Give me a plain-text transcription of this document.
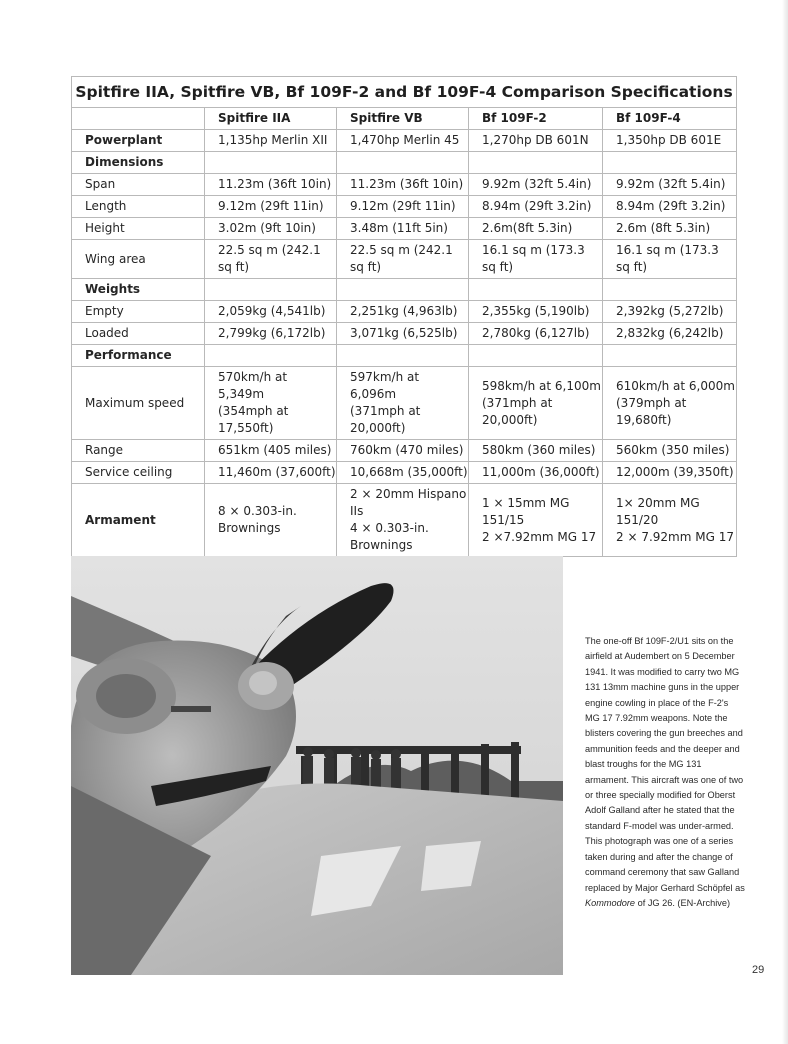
Spitfire IIA, Spitfire VB, Bf 109F-2 and Bf 109F-4 Comparison Specifications				
	Spitfire IIA	Spitfire VB	Bf 109F-2	Bf 109F-4
Powerplant	1,135hp Merlin XII	1,470hp Merlin 45	1,270hp DB 601N	1,350hp DB 601E
Dimensions				
Span	11.23m (36ft 10in)	11.23m (36ft 10in)	9.92m (32ft 5.4in)	9.92m (32ft 5.4in)
Length	9.12m (29ft 11in)	9.12m (29ft 11in)	8.94m (29ft 3.2in)	8.94m (29ft 3.2in)
Height	3.02m (9ft 10in)	3.48m (11ft 5in)	2.6m(8ft 5.3in)	2.6m (8ft 5.3in)
Wing area	22.5 sq m (242.1
sq ft)	22.5 sq m (242.1
sq ft)	16.1 sq m (173.3
sq ft)	16.1 sq m (173.3
sq ft)
Weights				
Empty	2,059kg (4,541lb)	2,251kg (4,963lb)	2,355kg (5,190lb)	2,392kg (5,272lb)
Loaded	2,799kg (6,172lb)	3,071kg (6,525lb)	2,780kg (6,127lb)	2,832kg (6,242lb)
Performance				
Maximum speed	570km/h at 5,349m
(354mph at
17,550ft)	597km/h at 6,096m
(371mph at
20,000ft)	598km/h at 6,100m
(371mph at
20,000ft)	610km/h at 6,000m
(379mph at
19,680ft)
Range	651km (405 miles)	760km (470 miles)	580km (360 miles)	560km (350 miles)
Service ceiling	11,460m (37,600ft)	10,668m (35,000ft)	11,000m (36,000ft)	12,000m (39,350ft)
Armament	8 × 0.303-in.
Brownings	2 × 20mm Hispano IIs
4 × 0.303-in.
Brownings	1 × 15mm MG 151/15
2 ×7.92mm MG 17	1× 20mm MG 151/20
2 × 7.92mm MG 17
The one-off Bf 109F-2/U1 sits on the airfield at Audembert on 5 December 1941. It was modified to carry two MG 131 13mm machine guns in the upper engine cowling in place of the F-2's MG 17 7.92mm weapons. Note the blisters covering the gun breeches and ammunition feeds and the deeper and blast troughs for the MG 131 armament. This aircraft was one of two or three specially modified for Oberst Adolf Galland after he stated that the standard F-model was under-armed. This photograph was one of a series taken during and after the change of command ceremony that saw Galland replaced by Major Gerhard Schöpfel as Kommodore of JG 26. (EN-Archive)
29
